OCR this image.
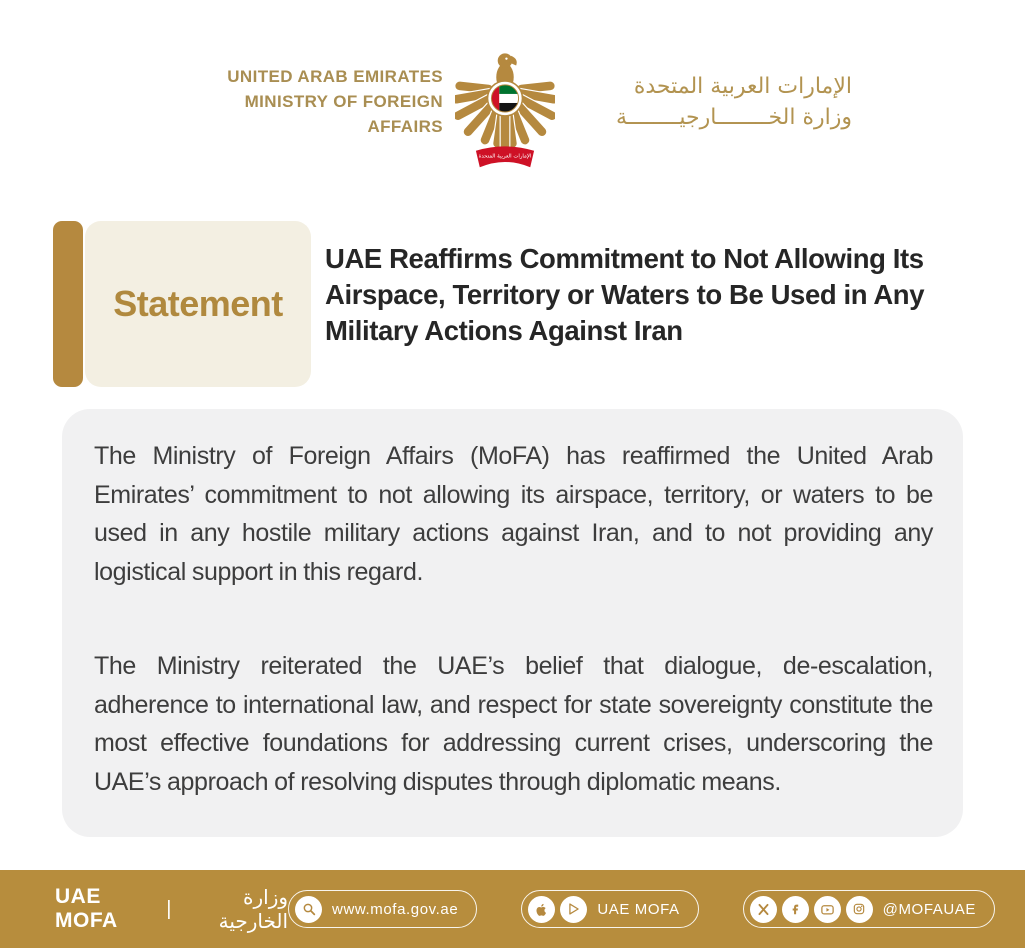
UNITED ARAB EMIRATES
MINISTRY OF FOREIGN AFFAIRS
الإمارات العربية المتحدة
الإمارات العربية المتحدة
وزارة الخــــــــارجيــــــــة
Statement
UAE Reaffirms Commitment to Not Allowing Its Airspace, Territory or Waters to Be Used in Any Military Actions Against Iran

The Ministry of Foreign Affairs (MoFA) has reaffirmed the United Arab Emirates’ commitment to not allowing its airspace, territory, or waters to be used in any hostile military actions against Iran, and to not providing any logistical support in this regard.

The Ministry reiterated the UAE’s belief that dialogue, de-escalation, adherence to international law, and respect for state sovereignty constitute the most effective foundations for addressing current crises, underscoring the UAE’s approach of resolving disputes through diplomatic means.

UAE MOFA
|	وزارة الخارجية	www.mofa.gov.ae	UAE MOFA	@MOFAUAE
